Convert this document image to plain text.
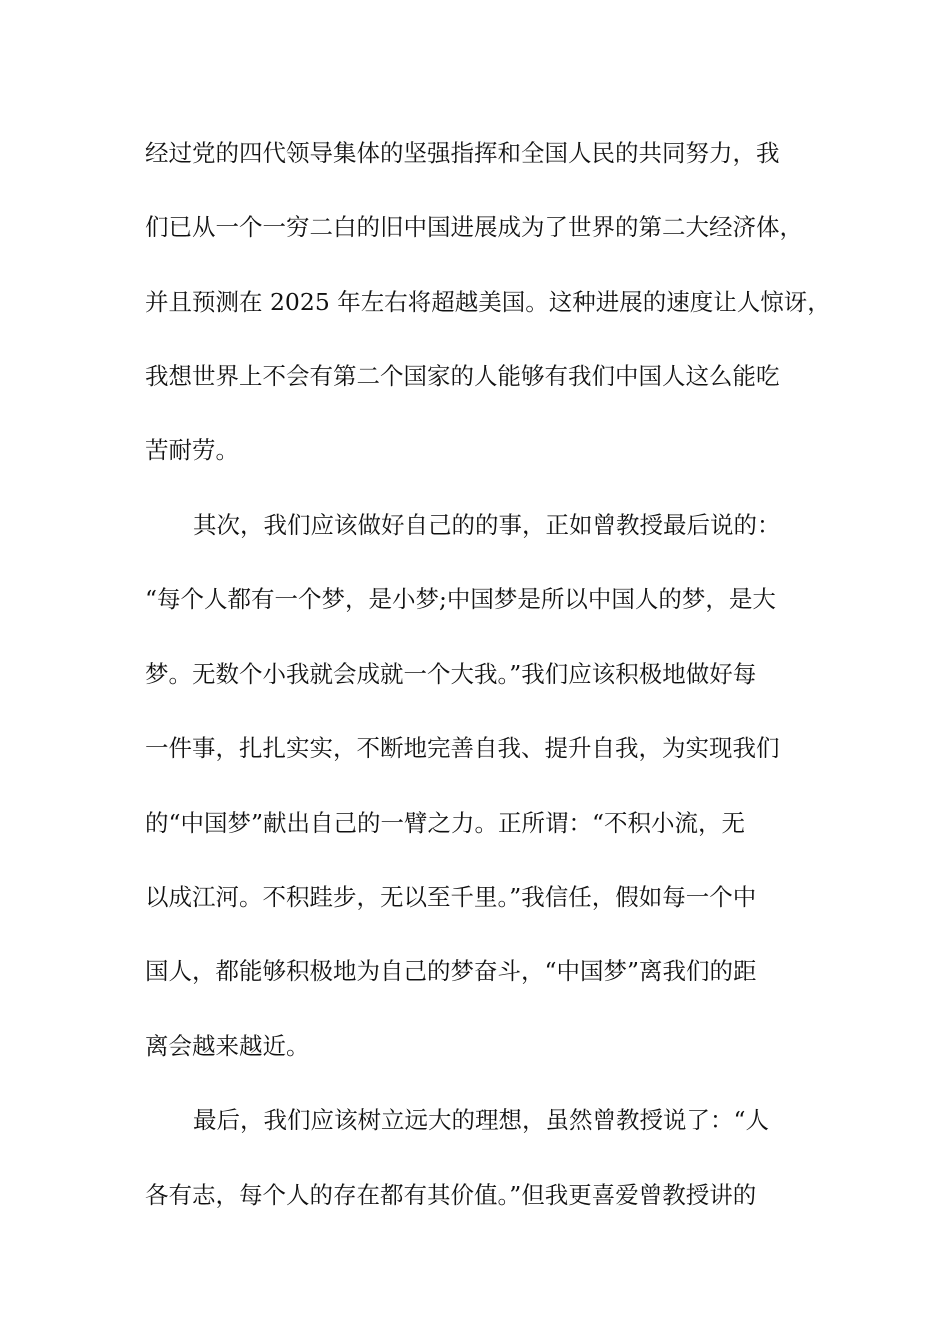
经过党的四代领导集体的坚强指挥和全国人民的共同努力，我
们已从一个一穷二白的旧中国进展成为了世界的第二大经济体，
并且预测在 2025 年左右将超越美国。这种进展的速度让人惊讶，
我想世界上不会有第二个国家的人能够有我们中国人这么能吃
苦耐劳。
其次，我们应该做好自己的的事，正如曾教授最后说的：
“每个人都有一个梦，是小梦;中国梦是所以中国人的梦，是大
梦。无数个小我就会成就一个大我。”我们应该积极地做好每
一件事，扎扎实实，不断地完善自我、提升自我，为实现我们
的“中国梦”献出自己的一臂之力。正所谓：“不积小流，无
以成江河。不积跬步，无以至千里。”我信任，假如每一个中
国人，都能够积极地为自己的梦奋斗，“中国梦”离我们的距
离会越来越近。
最后，我们应该树立远大的理想，虽然曾教授说了：“人
各有志，每个人的存在都有其价值。”但我更喜爱曾教授讲的
